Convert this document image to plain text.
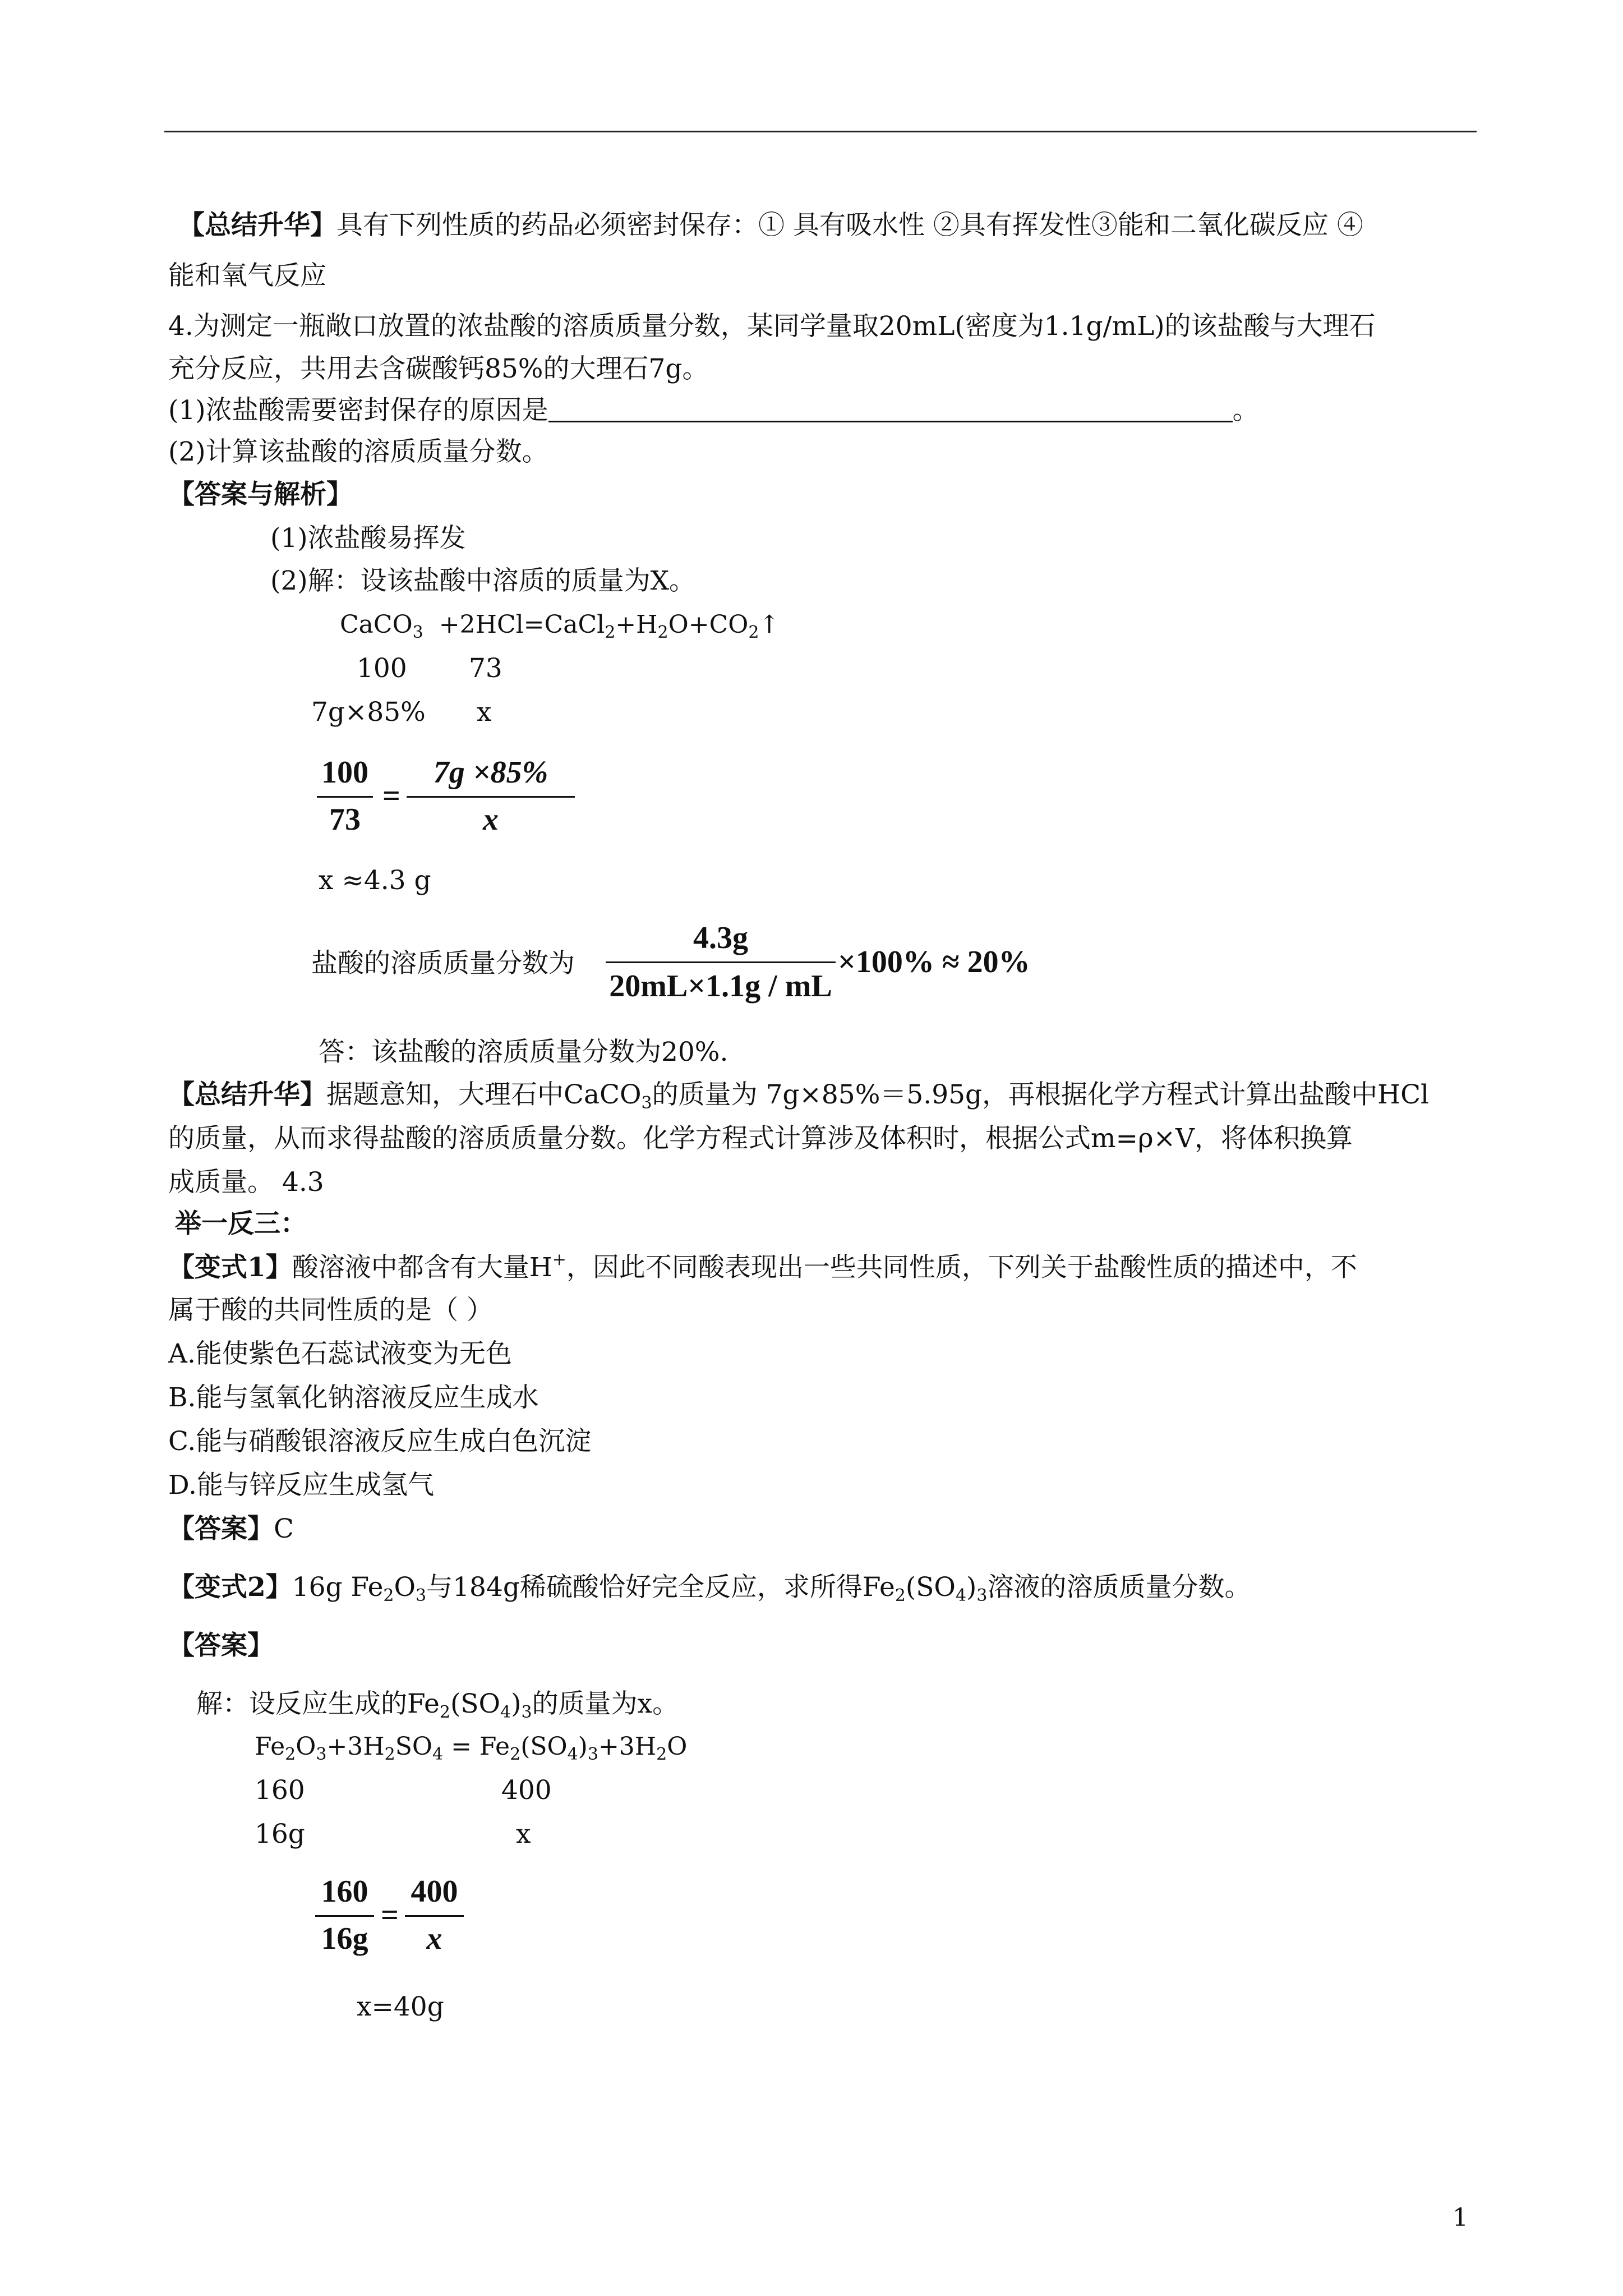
【总结升华】具有下列性质的药品必须密封保存：① 具有吸水性 ②具有挥发性③能和二氧化碳反应 ④
能和氧气反应
4.为测定一瓶敞口放置的浓盐酸的溶质质量分数，某同学量取20mL(密度为1.1g/mL)的该盐酸与大理石
充分反应，共用去含碳酸钙85%的大理石7g。
(1)浓盐酸需要密封保存的原因是	。
(2)计算该盐酸的溶质质量分数。
【答案与解析】
(1)浓盐酸易挥发
(2)解：设该盐酸中溶质的质量为X。
CaCO$_3$  $+2HCl=CaCl_2+H_2O+CO_2↑$
100 73
7g×85% x
100
73
=
7g ×85%
x
x ≈4.3 g
盐酸的溶质质量分数为
4.3g
20mL×1.1g / mL
×100% ≈ 20%
答：该盐酸的溶质质量分数为20%.
【总结升华】据题意知，大理石中CaCO$_3$的质量为 7g×85%＝5.95g，再根据化学方程式计算出盐酸中HCl
的质量，从而求得盐酸的溶质质量分数。化学方程式计算涉及体积时，根据公式m=ρ×V，将体积换算
成质量。 4.3
举一反三：
【变式1】酸溶液中都含有大量H+，因此不同酸表现出一些共同性质，下列关于盐酸性质的描述中，不
属于酸的共同性质的是（ ）
A.能使紫色石蕊试液变为无色
B.能与氢氧化钠溶液反应生成水
C.能与硝酸银溶液反应生成白色沉淀
D.能与锌反应生成氢气
【答案】C
【变式2】16g $Fe_2O_3$与184g稀硫酸恰好完全反应，求所得$Fe_2(SO_4)_3$溶液的溶质质量分数。
【答案】
解：设反应生成的$Fe_2(SO_4)_3$的质量为x。
$Fe_2O_3+3H_2SO_4 = Fe_2(SO_4)_3+3H_2O$
160	400
16g	x
160
16g
=
400
x
x=40g
1
